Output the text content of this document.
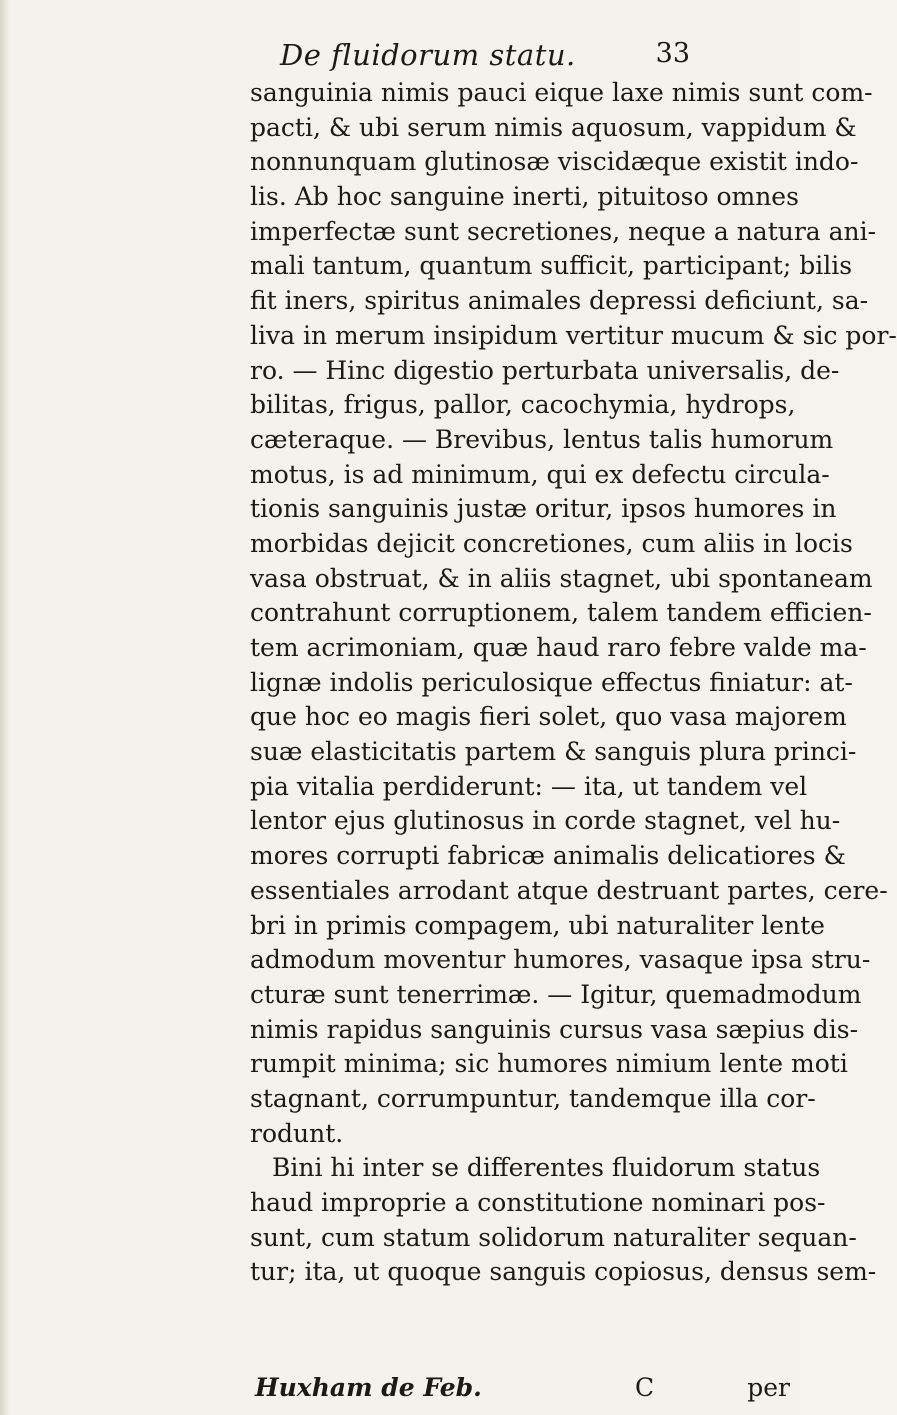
De fluidorum statu.	33
sanguinia nimis pauci eique laxe nimis sunt com-
pacti, & ubi serum nimis aquosum, vappidum &
nonnunquam glutinosæ viscidæque existit indo-
lis. Ab hoc sanguine inerti, pituitoso omnes
imperfectæ sunt secretiones, neque a natura ani-
mali tantum, quantum sufficit, participant; bilis
fit iners, spiritus animales depressi deficiunt, sa-
liva in merum insipidum vertitur mucum & sic por-
ro. — Hinc digestio perturbata universalis, de-
bilitas, frigus, pallor, cacochymia, hydrops,
cæteraque. — Brevibus, lentus talis humorum
motus, is ad minimum, qui ex defectu circula-
tionis sanguinis justæ oritur, ipsos humores in
morbidas dejicit concretiones, cum aliis in locis
vasa obstruat, & in aliis stagnet, ubi spontaneam
contrahunt corruptionem, talem tandem efficien-
tem acrimoniam, quæ haud raro febre valde ma-
lignæ indolis periculosique effectus finiatur: at-
que hoc eo magis fieri solet, quo vasa majorem
suæ elasticitatis partem & sanguis plura princi-
pia vitalia perdiderunt: — ita, ut tandem vel
lentor ejus glutinosus in corde stagnet, vel hu-
mores corrupti fabricæ animalis delicatiores &
essentiales arrodant atque destruant partes, cere-
bri in primis compagem, ubi naturaliter lente
admodum moventur humores, vasaque ipsa stru-
cturæ sunt tenerrimæ. — Igitur, quemadmodum
nimis rapidus sanguinis cursus vasa sæpius dis-
rumpit minima; sic humores nimium lente moti
stagnant, corrumpuntur, tandemque illa cor-
rodunt.
Bini hi inter se differentes fluidorum status
haud improprie a constitutione nominari pos-
sunt, cum statum solidorum naturaliter sequan-
tur; ita, ut quoque sanguis copiosus, densus sem-
Huxham de Feb.	per
C
